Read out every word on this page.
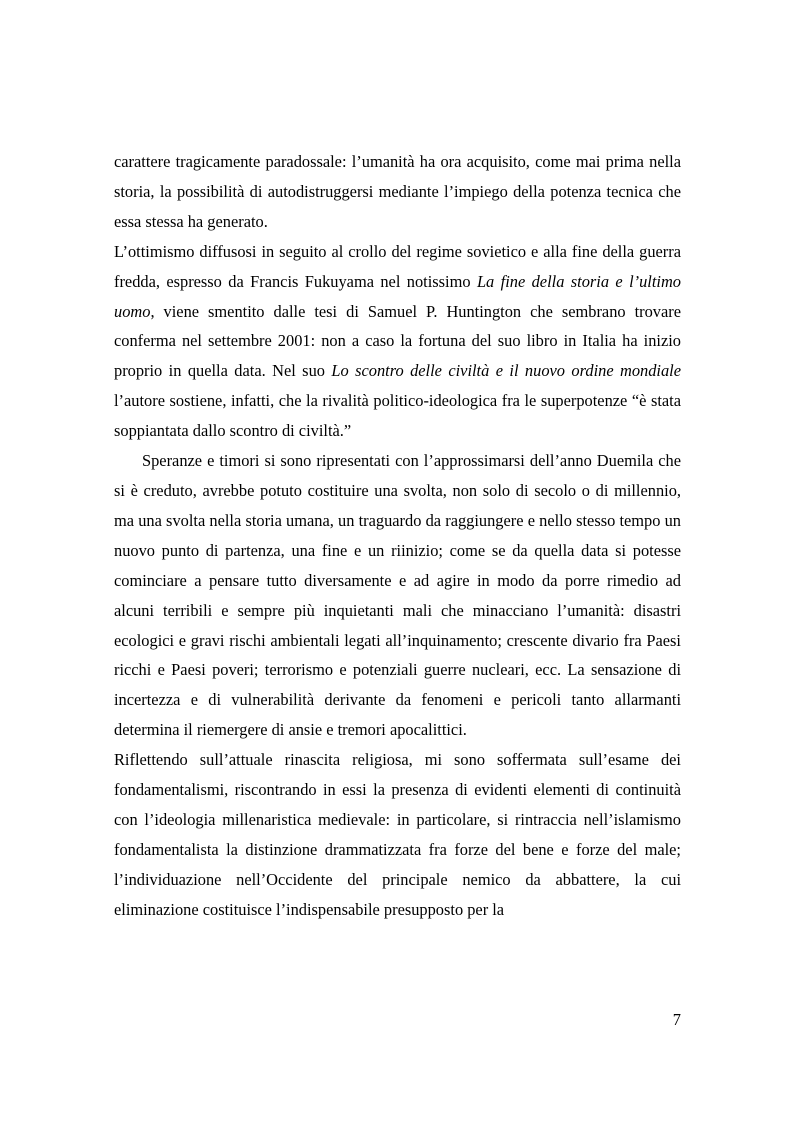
carattere tragicamente paradossale: l’umanità ha ora acquisito, come mai prima nella storia, la possibilità di autodistruggersi mediante l’impiego della potenza tecnica che essa stessa ha generato.

L’ottimismo diffusosi in seguito al crollo del regime sovietico e alla fine della guerra fredda, espresso da Francis Fukuyama nel notissimo La fine della storia e l’ultimo uomo, viene smentito dalle tesi di Samuel P. Huntington che sembrano trovare conferma nel settembre 2001: non a caso la fortuna del suo libro in Italia ha inizio proprio in quella data. Nel suo Lo scontro delle civiltà e il nuovo ordine mondiale l’autore sostiene, infatti, che la rivalità politico-ideologica fra le superpotenze “è stata soppiantata dallo scontro di civiltà.”

Speranze e timori si sono ripresentati con l’approssimarsi dell’anno Duemila che si è creduto, avrebbe potuto costituire una svolta, non solo di secolo o di millennio, ma una svolta nella storia umana, un traguardo da raggiungere e nello stesso tempo un nuovo punto di partenza, una fine e un riinizio; come se da quella data si potesse cominciare a pensare tutto diversamente e ad agire in modo da porre rimedio ad alcuni terribili e sempre più inquietanti mali che minacciano l’umanità: disastri ecologici e gravi rischi ambientali legati all’inquinamento; crescente divario fra Paesi ricchi e Paesi poveri; terrorismo e potenziali guerre nucleari, ecc. La sensazione di incertezza e di vulnerabilità derivante da fenomeni e pericoli tanto allarmanti determina il riemergere di ansie e tremori apocalittici.

Riflettendo sull’attuale rinascita religiosa, mi sono soffermata sull’esame dei fondamentalismi, riscontrando in essi la presenza di evidenti elementi di continuità con l’ideologia millenaristica medievale: in particolare, si rintraccia nell’islamismo fondamentalista la distinzione drammatizzata fra forze del bene e forze del male; l’individuazione nell’Occidente del principale nemico da abbattere, la cui eliminazione costituisce l’indispensabile presupposto per la

7
